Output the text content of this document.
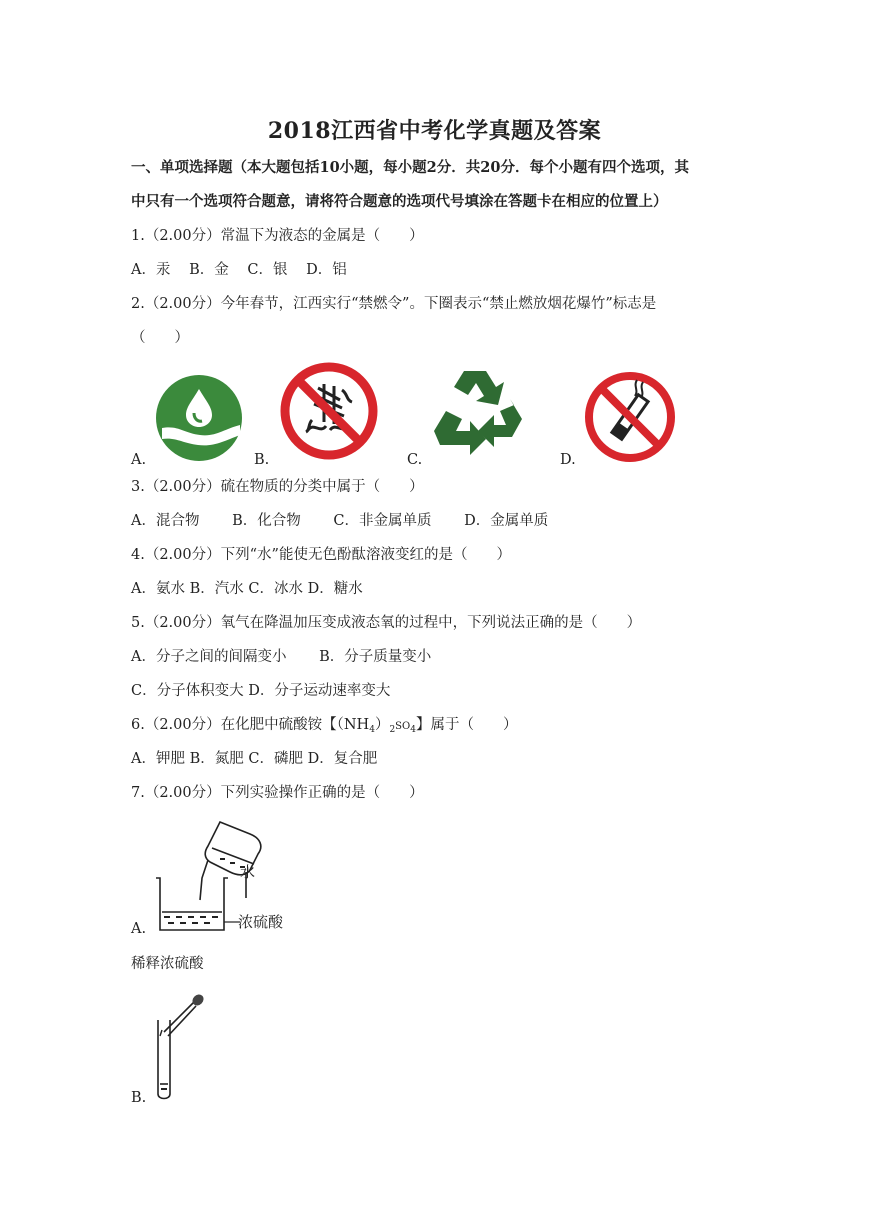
2018江西省中考化学真题及答案
一、单项选择题（本大题包括10小题，每小题2分．共20分．每个小题有四个选项，其
中只有一个选项符合题意，请将符合题意的选项代号填涂在答题卡在相应的位置上）
1.（2.00分）常温下为液态的金属是（　　）
A．汞 B．金 C．银 D．铝
2.（2.00分）今年春节，江西实行“禁燃令”。下圈表示“禁止燃放烟花爆竹”标志是
（　　）
A.	B.	C.	D.
3.（2.00分）硫在物质的分类中属于（　　）
A．混合物 B．化合物 C．非金属单质 D．金属单质
4.（2.00分）下列“水”能使无色酚酞溶液变红的是（　　）
A．氨水 B．汽水 C．冰水 D．糖水
5.（2.00分）氧气在降温加压变成液态氧的过程中，下列说法正确的是（　　）
A．分子之间的间隔变小 B．分子质量变小
C．分子体积变大 D．分子运动速率变大
6.（2.00分）在化肥中硫酸铵【$(NH_4)_2SO_4$】属于（　　）
A．钾肥 B．氮肥 C．磷肥 D．复合肥
7.（2.00分）下列实验操作正确的是（　　）
水
浓硫酸
A.
稀释浓硫酸
B.
